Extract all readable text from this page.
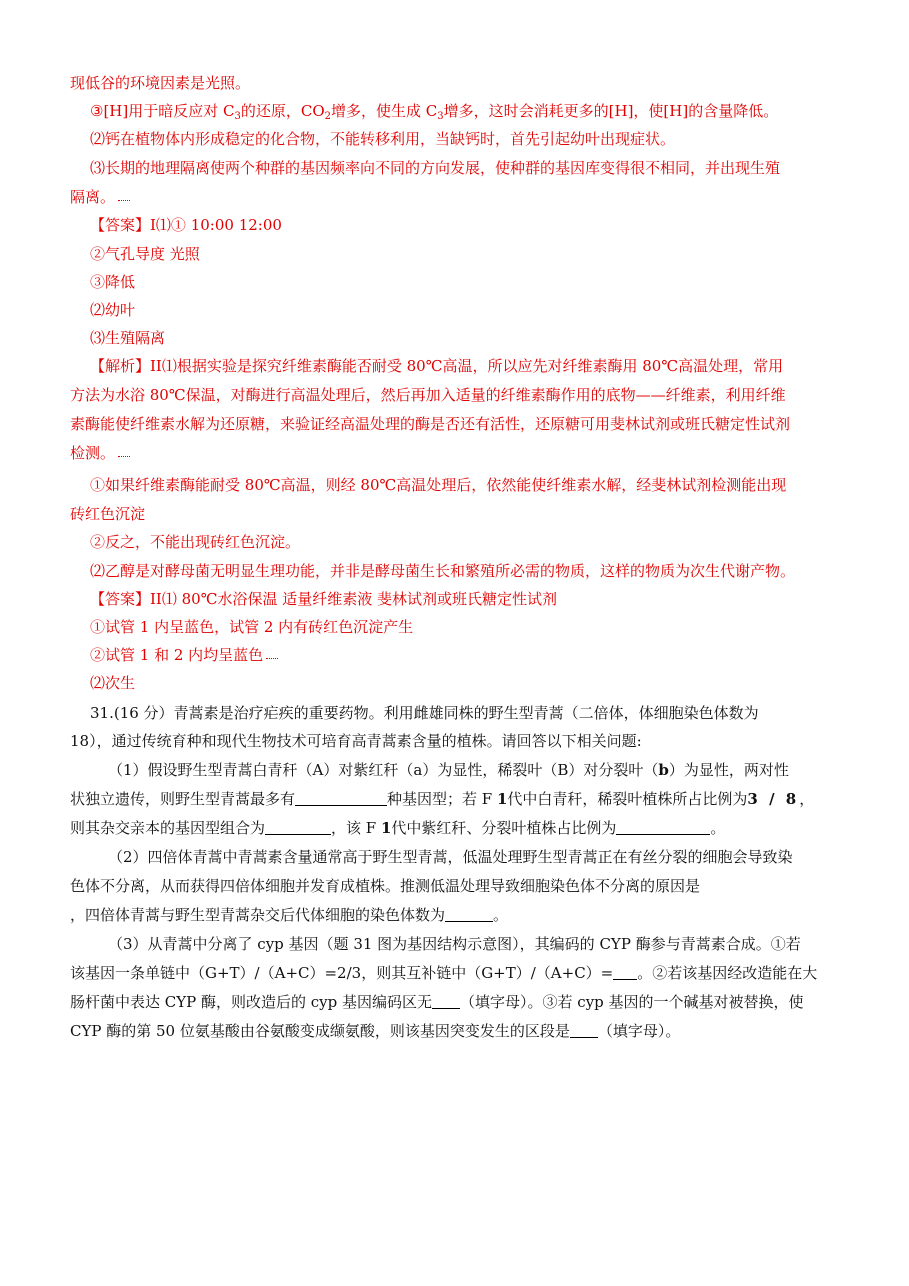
现低谷的环境因素是光照。
③[H]用于暗反应对 $C_3$的还原，$CO_2$增多，使生成 $C_3$增多，这时会消耗更多的[H]，使[H]的含量降低。
⑵钙在植物体内形成稳定的化合物，不能转移利用，当缺钙时，首先引起幼叶出现症状。
⑶长期的地理隔离使两个种群的基因频率向不同的方向发展，使种群的基因库变得很不相同，并出现生殖
隔离。
【答案】I⑴① 10:00 12:00
②气孔导度 光照
③降低
⑵幼叶
⑶生殖隔离
【解析】II⑴根据实验是探究纤维素酶能否耐受 80℃高温，所以应先对纤维素酶用 80℃高温处理，常用
方法为水浴 80℃保温，对酶进行高温处理后，然后再加入适量的纤维素酶作用的底物——纤维素，利用纤维
素酶能使纤维素水解为还原糖，来验证经高温处理的酶是否还有活性，还原糖可用斐林试剂或班氏糖定性试剂
检测。
①如果纤维素酶能耐受 80℃高温，则经 80℃高温处理后，依然能使纤维素水解，经斐林试剂检测能出现
砖红色沉淀
②反之，不能出现砖红色沉淀。
⑵乙醇是对酵母菌无明显生理功能，并非是酵母菌生长和繁殖所必需的物质，这样的物质为次生代谢产物。
【答案】II⑴ 80℃水浴保温 适量纤维素液 斐林试剂或班氏糖定性试剂
①试管 1 内呈蓝色，试管 2 内有砖红色沉淀产生
②试管 1 和 2 内均呈蓝色
⑵次生
31.(16 分）青蒿素是治疗疟疾的重要药物。利用雌雄同株的野生型青蒿（二倍体，体细胞染色体数为
18），通过传统育种和现代生物技术可培育高青蒿素含量的植株。请回答以下相关问题:
（1）假设野生型青蒿白青秆（A）对紫红秆（a）为显性，稀裂叶（B）对分裂叶（b）为显性，两对性
状独立遗传，则野生型青蒿最多有	种基因型；若 F 1代中白青秆，稀裂叶植株所占比例为3 / 8，
则其杂交亲本的基因型组合为	，该 F 1代中紫红秆、分裂叶植株占比例为	。
（2）四倍体青蒿中青蒿素含量通常高于野生型青蒿，低温处理野生型青蒿正在有丝分裂的细胞会导致染
色体不分离，从而获得四倍体细胞并发育成植株。推测低温处理导致细胞染色体不分离的原因是
，四倍体青蒿与野生型青蒿杂交后代体细胞的染色体数为	。
（3）从青蒿中分离了 cyp 基因（题 31 图为基因结构示意图），其编码的 CYP 酶参与青蒿素合成。①若
该基因一条单链中（G+T）/（A+C）=2/3，则其互补链中（G+T）/（A+C）= 。②若该基因经改造能在大
肠杆菌中表达 CYP 酶，则改造后的 cyp 基因编码区无 （填字母）。③若 cyp 基因的一个碱基对被替换，使
CYP 酶的第 50 位氨基酸由谷氨酸变成缬氨酸，则该基因突变发生的区段是 （填字母）。
